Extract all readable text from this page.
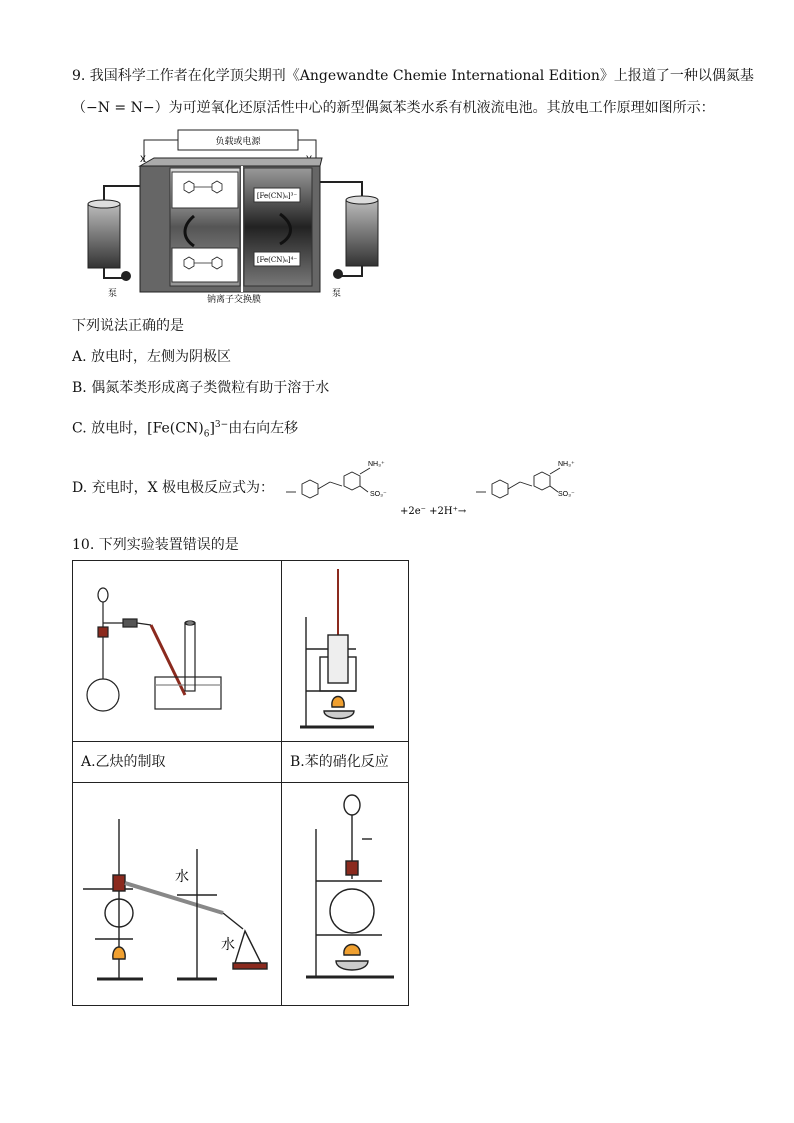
9. 我国科学工作者在化学顶尖期刊《Angewandte Chemie International Edition》上报道了一种以偶氮基
（−N = N−）为可逆氧化还原活性中心的新型偶氮苯类水系有机液流电池。其放电工作原理如图所示：
负载或电源
X
[Fe(CN)₆]³⁻
[Fe(CN)₆]⁴⁻
泵	泵
钠离子交换膜
下列说法正确的是
A. 放电时，左侧为阴极区
B. 偶氮苯类形成离子类微粒有助于溶于水
C. 放电时，$[Fe(CN)_6]^{3-}$由右向左移
D. 充电时，X 极电极反应式为：
NH₃⁺
SO₃⁻
+2e⁻ +2H⁺→
NH₃⁺
SO₃⁻
10. 下列实验装置错误的是

A.乙炔的制取	B.苯的硝化反应

水
水
